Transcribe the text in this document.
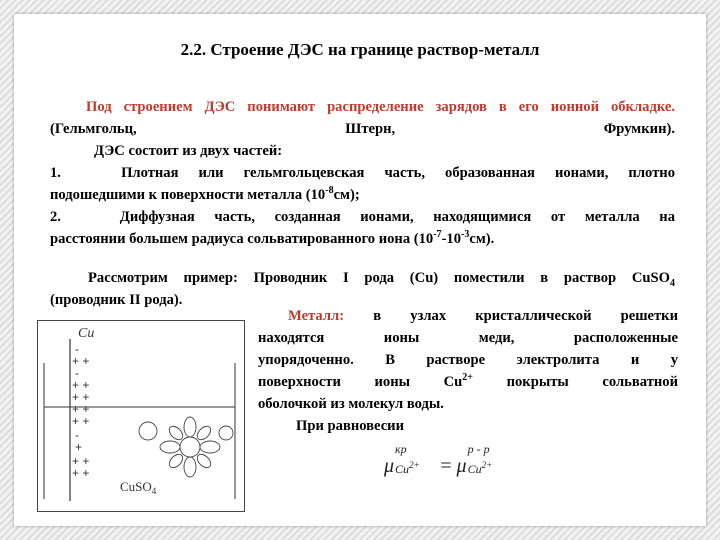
2.2. Строение ДЭС на границе раствор-металл
Под строением ДЭС понимают распределение зарядов в его ионной обкладке. (Гельмгольц, Штерн, Фрумкин).
ДЭС состоит из двух частей:
1.	Плотная или гельмгольцевская часть, образованная ионами, плотно
подошедшими к поверхности металла $(10^{-8}см)$;
2.	Диффузная часть, созданная ионами, находящимися от металла на
расстоянии большем радиуса сольватированного иона $(10^{-7}-10^{-3}см)$.
Рассмотрим пример: Проводник I рода (Cu) поместили в раствор CuSO$_4$
(проводник II рода).
Металл: в узлах кристаллической решетки
находятся ионы меди, расположенные
упорядоченно. В растворе электролита и у
поверхности ионы $Cu^{2+}$ покрыты сольватной
оболочкой из молекул воды.
При равновесии
Cu
-
+ +
-
+ +
+ +
+ +
+ +
-
+
+ +
+ +
CuSO$_4$
μ
кр
$Cu^{2+} = \mu$
p - p
$Cu^{2+}$
